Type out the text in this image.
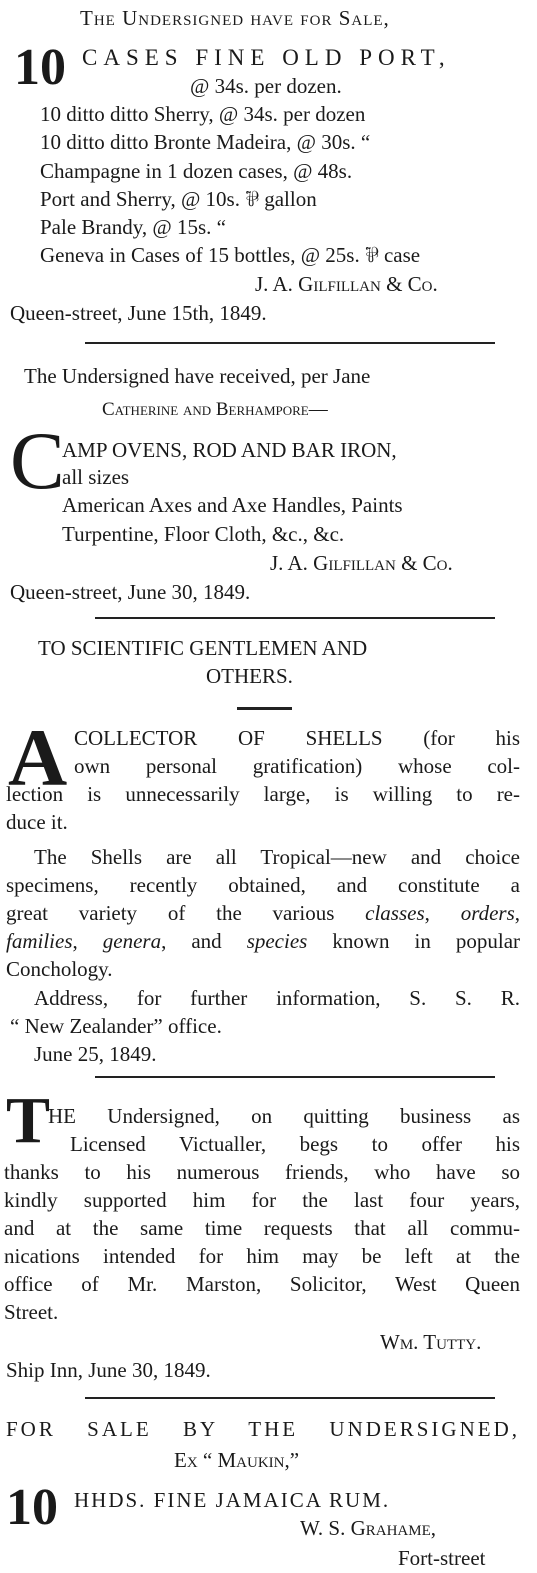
The Undersigned have for Sale,
10 CASES FINE OLD PORT,
@ 34s. per dozen.
10 ditto ditto Sherry, @ 34s. per dozen
10 ditto ditto Bronte Madeira, @ 30s. “
Champagne in 1 dozen cases, @ 48s.
Port and Sherry, @ 10s. ⅌ gallon
Pale Brandy, @ 15s. “
Geneva in Cases of 15 bottles, @ 25s. ⅌ case
J. A. Gilfillan & Co.
Queen-street, June 15th, 1849.
The Undersigned have received, per Jane
Catherine and Berhampore—
C
AMP OVENS, ROD AND BAR IRON,
all sizes
American Axes and Axe Handles, Paints
Turpentine, Floor Cloth, &c., &c.
J. A. Gilfillan & Co.
Queen-street, June 30, 1849.
TO SCIENTIFIC GENTLEMEN AND
OTHERS.
A COLLECTOR OF SHELLS (for his
own personal gratification) whose col-
lection is unnecessarily large, is willing to re-
duce it.
The Shells are all Tropical—new and choice
specimens, recently obtained, and constitute a
great variety of the various classes, orders,
families, genera, and species known in popular
Conchology.
Address, for further information, S. S. R.
“ New Zealander” office.
June 25, 1849.
T
HE Undersigned, on quitting business as
Licensed Victualler, begs to offer his
thanks to his numerous friends, who have so
kindly supported him for the last four years,
and at the same time requests that all commu-
nications intended for him may be left at the
office of Mr. Marston, Solicitor, West Queen
Street.
Wm. Tutty.
Ship Inn, June 30, 1849.
FOR SALE BY THE UNDERSIGNED,
Ex “ Maukin,”
10 HHDS. FINE JAMAICA RUM.
W. S. Grahame,
Fort-street
